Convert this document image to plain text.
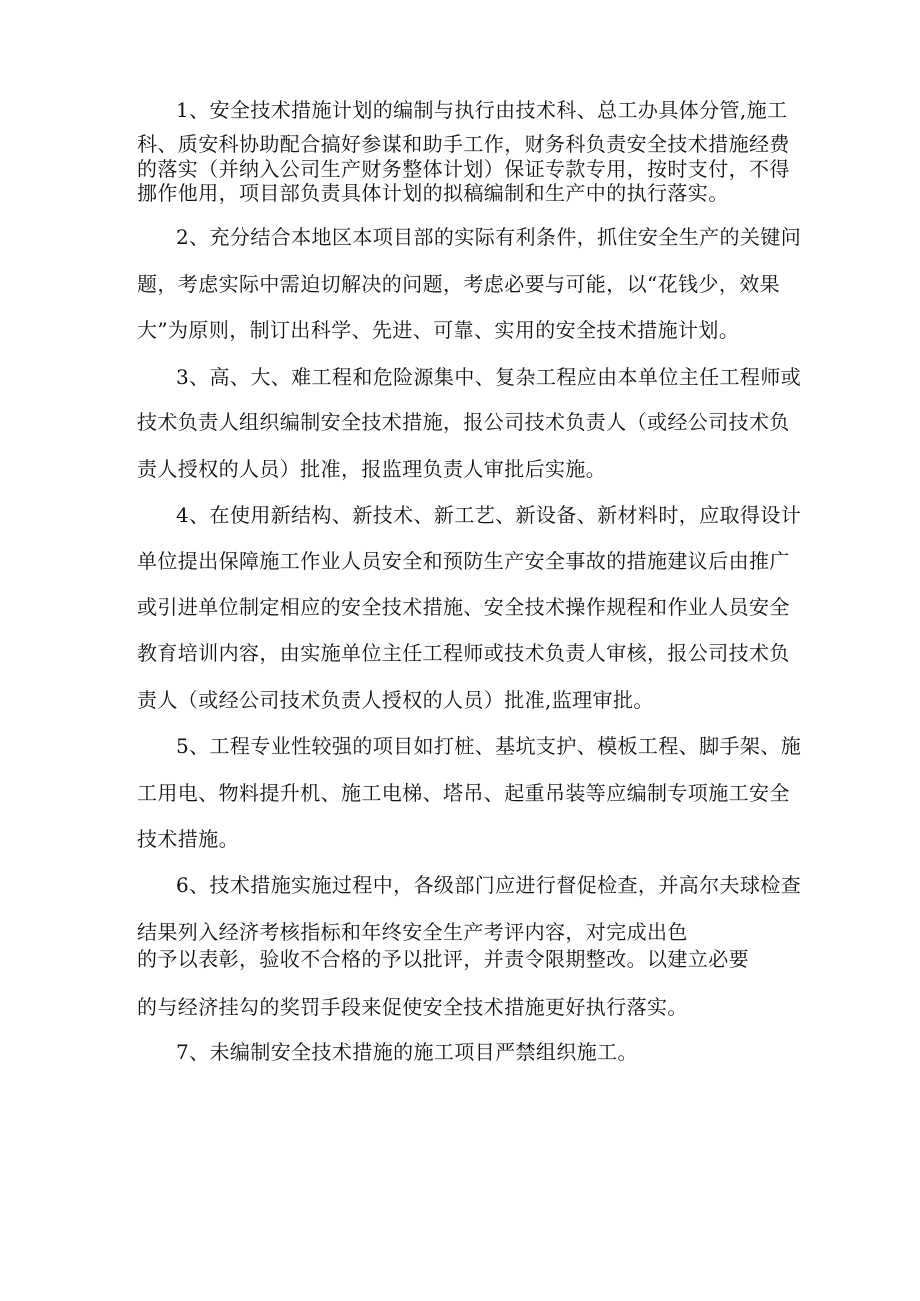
1、安全技术措施计划的编制与执行由技术科、总工办具体分管,施工
科、质安科协助配合搞好参谋和助手工作，财务科负责安全技术措施经费
的落实（并纳入公司生产财务整体计划）保证专款专用，按时支付，不得
挪作他用，项目部负责具体计划的拟稿编制和生产中的执行落实。
2、充分结合本地区本项目部的实际有利条件，抓住安全生产的关键问
题，考虑实际中需迫切解决的问题，考虑必要与可能，以“花钱少，效果
大”为原则，制订出科学、先进、可靠、实用的安全技术措施计划。
3、高、大、难工程和危险源集中、复杂工程应由本单位主任工程师或
技术负责人组织编制安全技术措施，报公司技术负责人（或经公司技术负
责人授权的人员）批准，报监理负责人审批后实施。
4、在使用新结构、新技术、新工艺、新设备、新材料时，应取得设计
单位提出保障施工作业人员安全和预防生产安全事故的措施建议后由推广
或引进单位制定相应的安全技术措施、安全技术操作规程和作业人员安全
教育培训内容，由实施单位主任工程师或技术负责人审核，报公司技术负
责人（或经公司技术负责人授权的人员）批准,监理审批。
5、工程专业性较强的项目如打桩、基坑支护、模板工程、脚手架、施
工用电、物料提升机、施工电梯、塔吊、起重吊装等应编制专项施工安全
技术措施。
6、技术措施实施过程中，各级部门应进行督促检查，并高尔夫球检查
结果列入经济考核指标和年终安全生产考评内容，对完成出色
的予以表彰，验收不合格的予以批评，并责令限期整改。以建立必要
的与经济挂勾的奖罚手段来促使安全技术措施更好执行落实。
7、未编制安全技术措施的施工项目严禁组织施工。
